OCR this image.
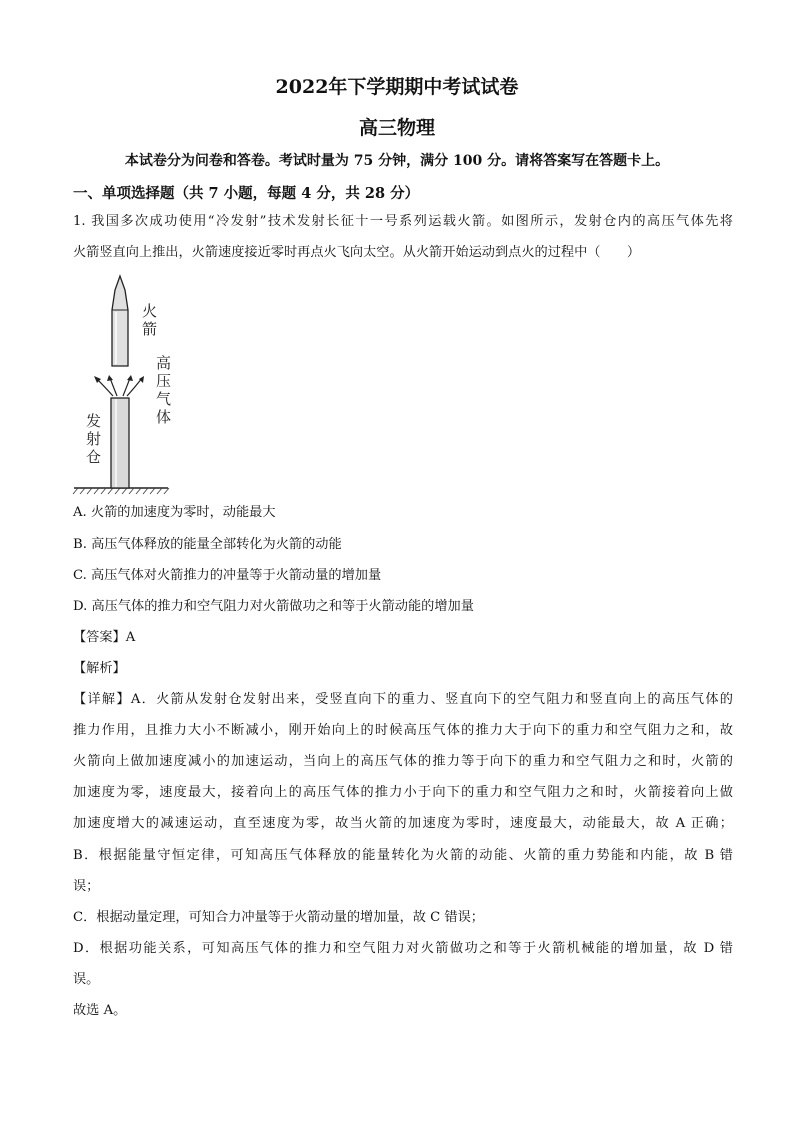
2022年下学期期中考试试卷
高三物理
本试卷分为问卷和答卷。考试时量为 75 分钟，满分 100 分。请将答案写在答题卡上。
一、单项选择题（共 7 小题，每题 4 分，共 28 分）
1. 我国多次成功使用“冷发射”技术发射长征十一号系列运载火箭。如图所示，发射仓内的高压气体先将
火箭竖直向上推出，火箭速度接近零时再点火飞向太空。从火箭开始运动到点火的过程中（　　）
火
箭
高
压
气
体
发
射
仓
A. 火箭的加速度为零时，动能最大
B. 高压气体释放的能量全部转化为火箭的动能
C. 高压气体对火箭推力的冲量等于火箭动量的增加量
D. 高压气体的推力和空气阻力对火箭做功之和等于火箭动能的增加量
【答案】A
【解析】
【详解】A．火箭从发射仓发射出来，受竖直向下的重力、竖直向下的空气阻力和竖直向上的高压气体的
推力作用，且推力大小不断减小，刚开始向上的时候高压气体的推力大于向下的重力和空气阻力之和，故
火箭向上做加速度减小的加速运动，当向上的高压气体的推力等于向下的重力和空气阻力之和时，火箭的
加速度为零，速度最大，接着向上的高压气体的推力小于向下的重力和空气阻力之和时，火箭接着向上做
加速度增大的减速运动，直至速度为零，故当火箭的加速度为零时，速度最大，动能最大，故 A 正确；
B．根据能量守恒定律，可知高压气体释放的能量转化为火箭的动能、火箭的重力势能和内能，故 B 错
误；
C．根据动量定理，可知合力冲量等于火箭动量的增加量，故 C 错误；
D．根据功能关系，可知高压气体的推力和空气阻力对火箭做功之和等于火箭机械能的增加量，故 D 错
误。
故选 A。
